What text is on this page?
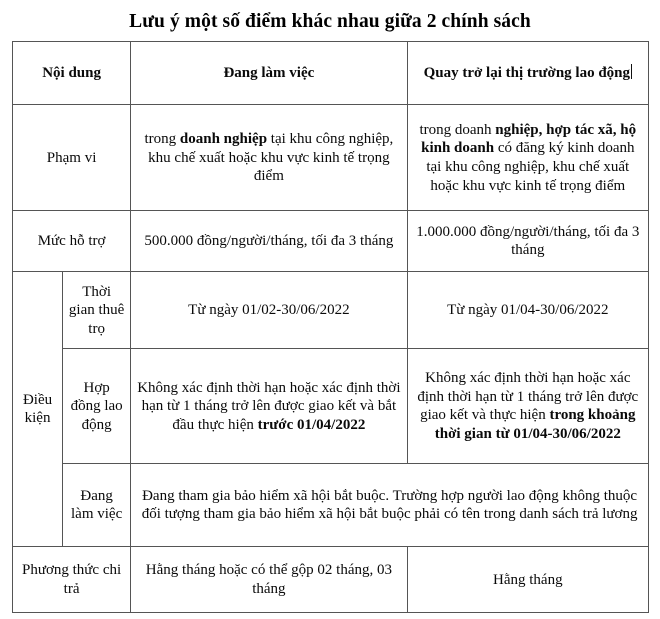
Lưu ý một số điểm khác nhau giữa 2 chính sách
Nội dung		Đang làm việc	Quay trở lại thị trường lao động

Phạm vi		trong doanh nghiệp tại khu công nghiệp, khu chế xuất hoặc khu vực kinh tế trọng điểm	trong doanh nghiệp, hợp tác xã, hộ kinh doanh có đăng ký kinh doanh tại khu công nghiệp, khu chế xuất hoặc khu vực kinh tế trọng điểm
Mức hỗ trợ		500.000 đồng/người/tháng, tối đa 3 tháng	1.000.000 đồng/người/tháng, tối đa 3 tháng
Điều kiện	Thời gian thuê trọ	Từ ngày 01/02-30/06/2022	Từ ngày 01/04-30/06/2022
	Hợp đồng lao động	Không xác định thời hạn hoặc xác định thời hạn từ 1 tháng trở lên được giao kết và bắt đầu thực hiện trước 01/04/2022	Không xác định thời hạn hoặc xác định thời hạn từ 1 tháng trở lên được giao kết và thực hiện trong khoảng thời gian từ 01/04-30/06/2022
	Đang làm việc	Đang tham gia bảo hiểm xã hội bắt buộc. Trường hợp người lao động không thuộc đối tượng tham gia bảo hiểm xã hội bắt buộc phải có tên trong danh sách trả lương	
Phương thức chi trả		Hằng tháng hoặc có thể gộp 02 tháng, 03 tháng	Hằng tháng
